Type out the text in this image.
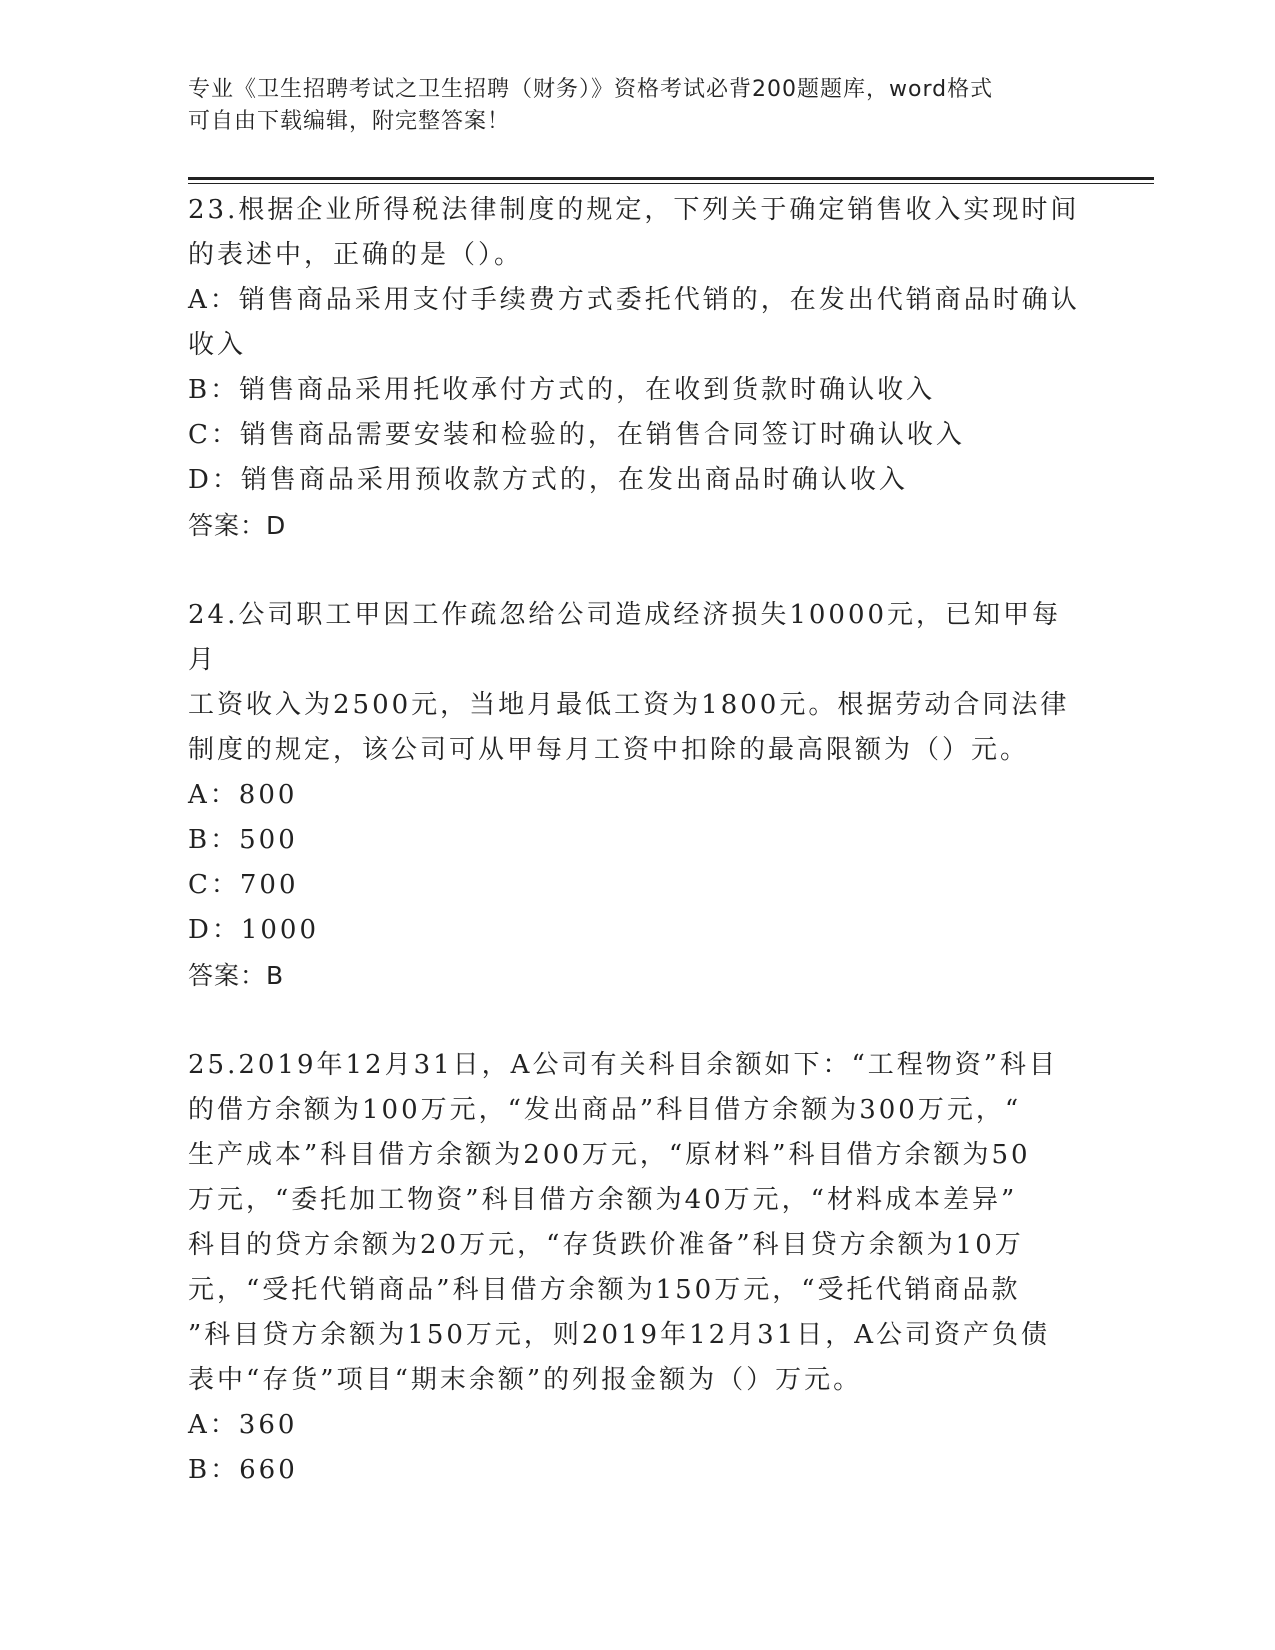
专业《卫生招聘考试之卫生招聘（财务）》资格考试必背200题题库，word格式
可自由下载编辑，附完整答案！

23.根据企业所得税法律制度的规定，下列关于确定销售收入实现时间

的表述中，正确的是（）。

A：销售商品采用支付手续费方式委托代销的，在发出代销商品时确认

收入

B：销售商品采用托收承付方式的，在收到货款时确认收入

C：销售商品需要安装和检验的，在销售合同签订时确认收入

D：销售商品采用预收款方式的，在发出商品时确认收入

答案：D

24.公司职工甲因工作疏忽给公司造成经济损失10000元，已知甲每月

工资收入为2500元，当地月最低工资为1800元。根据劳动合同法律

制度的规定，该公司可从甲每月工资中扣除的最高限额为（）元。

A：800

B：500

C：700

D：1000

答案：B

25.2019年12月31日，A公司有关科目余额如下：“工程物资”科目

的借方余额为100万元，“发出商品”科目借方余额为300万元，“

生产成本”科目借方余额为200万元，“原材料”科目借方余额为50

万元，“委托加工物资”科目借方余额为40万元，“材料成本差异”

科目的贷方余额为20万元，“存货跌价准备”科目贷方余额为10万

元，“受托代销商品”科目借方余额为150万元，“受托代销商品款

”科目贷方余额为150万元，则2019年12月31日，A公司资产负债

表中“存货”项目“期末余额”的列报金额为（）万元。

A：360

B：660
